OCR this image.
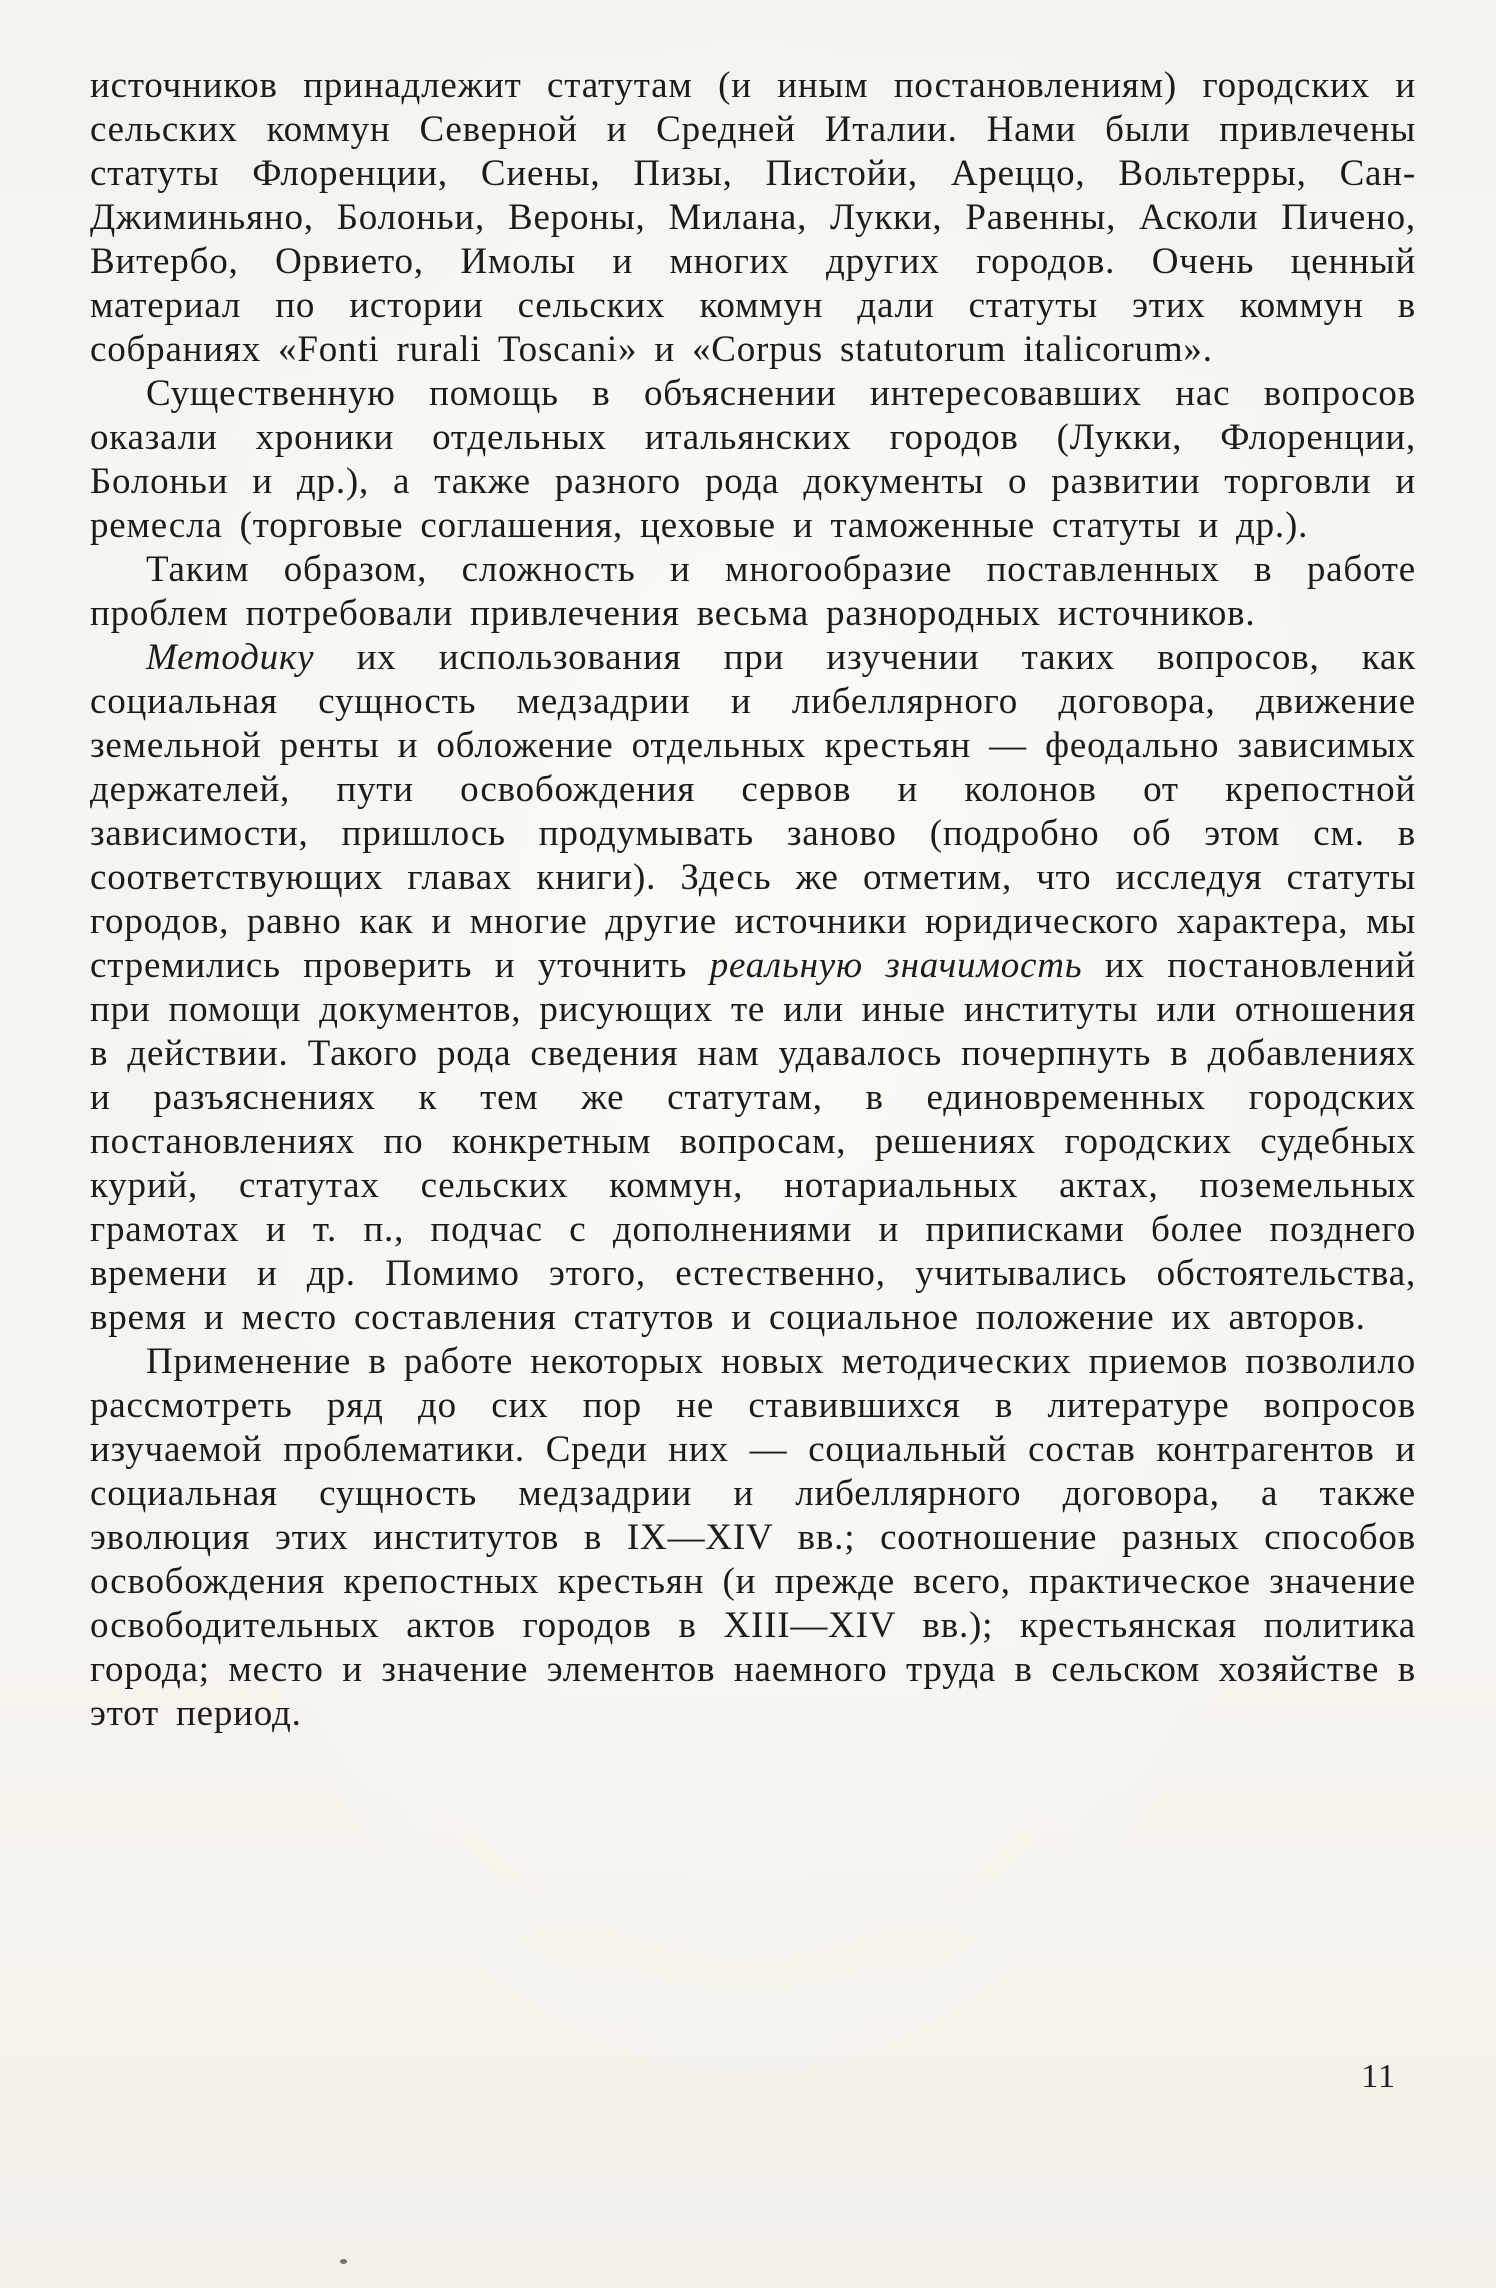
источников принадлежит статутам (и иным постановлениям) городских и сельских коммун Северной и Средней Италии. Нами были привлечены статуты Флоренции, Сиены, Пизы, Пистойи, Ареццо, Вольтерры, Сан-Джиминьяно, Болоньи, Вероны, Милана, Лукки, Равенны, Асколи Пичено, Витербо, Орвието, Имолы и многих других городов. Очень ценный материал по истории сельских коммун дали статуты этих коммун в собраниях «Fonti rurali Toscani» и «Corpus statutorum italicorum».

Существенную помощь в объяснении интересовавших нас вопросов оказали хроники отдельных итальянских городов (Лукки, Флоренции, Болоньи и др.), а также разного рода документы о развитии торговли и ремесла (торговые соглашения, цеховые и таможенные статуты и др.).

Таким образом, сложность и многообразие поставленных в работе проблем потребовали привлечения весьма разнородных источников.

Методику их использования при изучении таких вопросов, как социальная сущность медзадрии и либеллярного договора, движение земельной ренты и обложение отдельных крестьян — феодально зависимых держателей, пути освобождения сервов и колонов от крепостной зависимости, пришлось продумывать заново (подробно об этом см. в соответствующих главах книги). Здесь же отметим, что исследуя статуты городов, равно как и многие другие источники юридического характера, мы стремились проверить и уточнить реальную значимость их постановлений при помощи документов, рисующих те или иные институты или отношения в действии. Такого рода сведения нам удавалось почерпнуть в добавлениях и разъяснениях к тем же статутам, в единовременных городских постановлениях по конкретным вопросам, решениях городских судебных курий, статутах сельских коммун, нотариальных актах, поземельных грамотах и т. п., подчас с дополнениями и приписками более позднего времени и др. Помимо этого, естественно, учитывались обстоятельства, время и место составления статутов и социальное положение их авторов.

Применение в работе некоторых новых методических приемов позволило рассмотреть ряд до сих пор не ставившихся в литературе вопросов изучаемой проблематики. Среди них — социальный состав контрагентов и социальная сущность медзадрии и либеллярного договора, а также эволюция этих институтов в IX—XIV вв.; соотношение разных способов освобождения крепостных крестьян (и прежде всего, практическое значение освободительных актов городов в XIII—XIV вв.); крестьянская политика города; место и значение элементов наемного труда в сельском хозяйстве в этот период.

11
